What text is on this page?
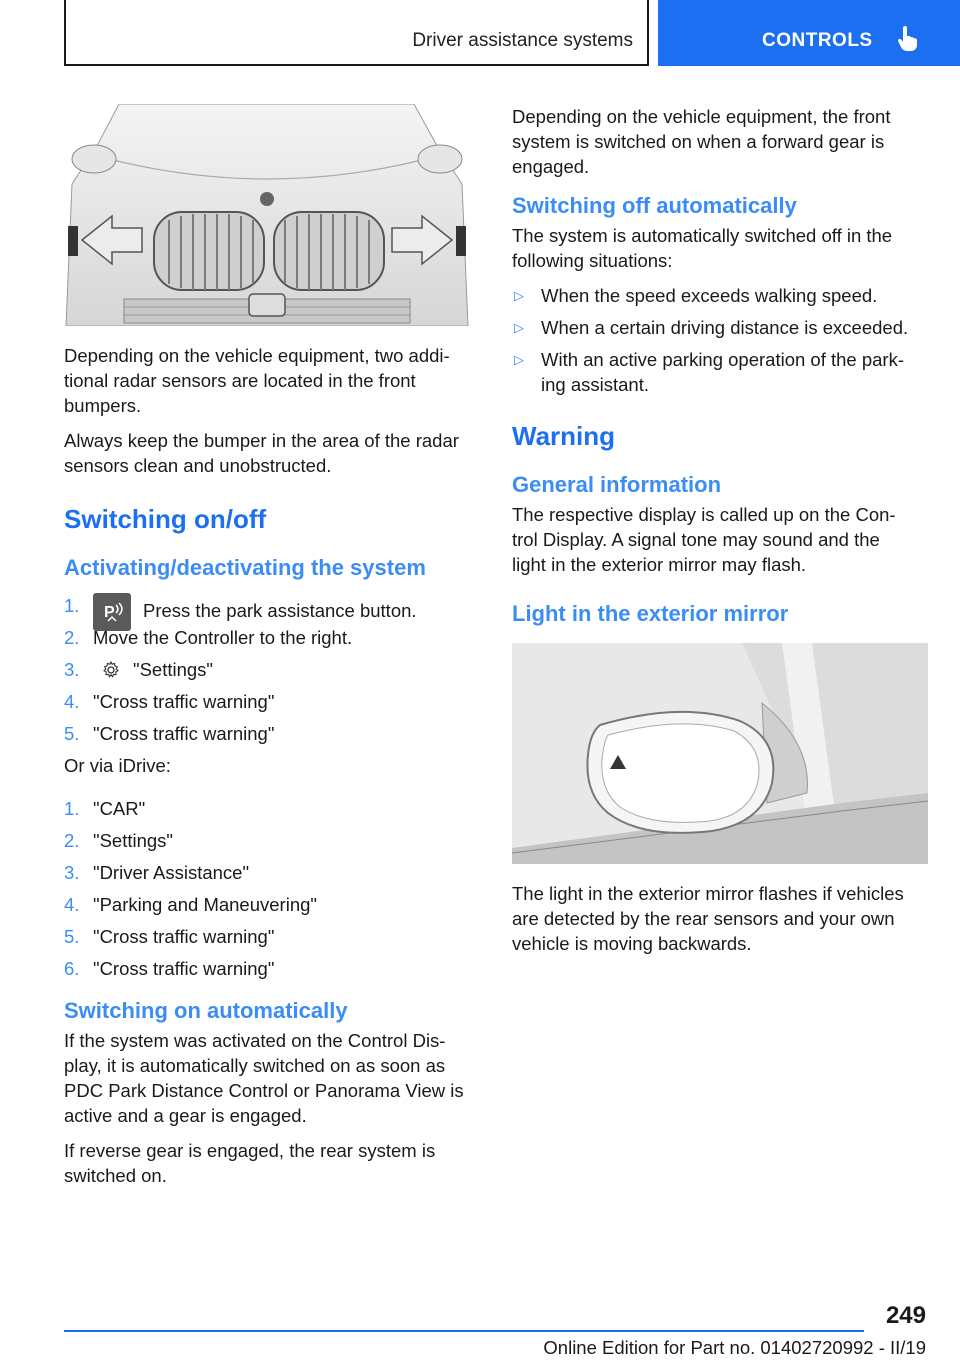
Driver assistance systems	CONTROLS

Depending on the vehicle equipment, two addi‐
tional radar sensors are located in the front
bumpers.

Always keep the bumper in the area of the radar
sensors clean and unobstructed.

Switching on/off
Activating/deactivating the system
1. P Press the park assistance button.
2. Move the Controller to the right.
3.	"Settings"
4. "Cross traffic warning"
5. "Cross traffic warning"

Or via iDrive:

1. "CAR"
2. "Settings"
3. "Driver Assistance"
4. "Parking and Maneuvering"
5. "Cross traffic warning"
6. "Cross traffic warning"
Switching on automatically

If the system was activated on the Control Dis‐
play, it is automatically switched on as soon as
PDC Park Distance Control or Panorama View is
active and a gear is engaged.

If reverse gear is engaged, the rear system is
switched on.

Depending on the vehicle equipment, the front
system is switched on when a forward gear is
engaged.

Switching off automatically

The system is automatically switched off in the
following situations:

▷ When the speed exceeds walking speed.
▷ When a certain driving distance is exceeded.
▷ With an active parking operation of the park‐
ing assistant.
Warning
General information

The respective display is called up on the Con‐
trol Display. A signal tone may sound and the
light in the exterior mirror may flash.

Light in the exterior mirror

The light in the exterior mirror flashes if vehicles
are detected by the rear sensors and your own
vehicle is moving backwards.

249
Online Edition for Part no. 01402720992 - II/19
